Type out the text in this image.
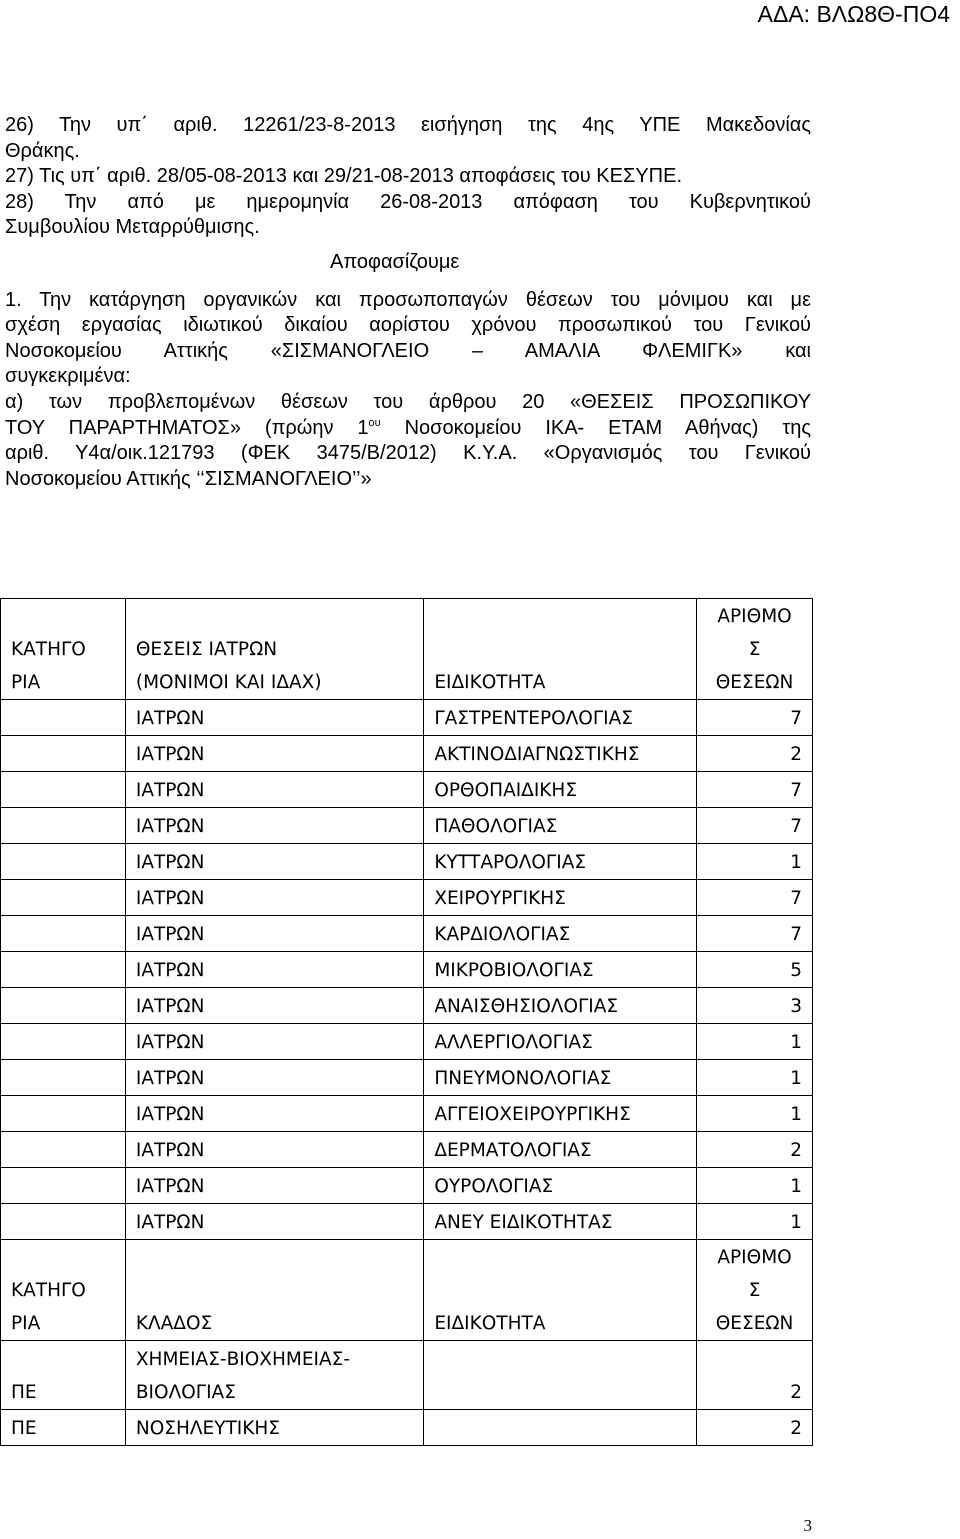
ΑΔΑ: ΒΛΩ8Θ-ΠΟ4

26) Την υπ΄ αριθ. 12261/23-8-2013 εισήγηση της 4ης ΥΠΕ Μακεδονίας

Θράκης.

27) Τις υπ΄ αριθ. 28/05-08-2013 και 29/21-08-2013 αποφάσεις του ΚΕΣΥΠΕ.

28) Την από με ημερομηνία 26-08-2013 απόφαση του Κυβερνητικού

Συμβουλίου Μεταρρύθμισης.

Αποφασίζουμε

1. Την κατάργηση οργανικών και προσωποπαγών θέσεων του μόνιμου και με

σχέση εργασίας ιδιωτικού δικαίου αορίστου χρόνου προσωπικού του Γενικού

Νοσοκομείου Αττικής «ΣΙΣΜΑΝΟΓΛΕΙΟ – ΑΜΑΛΙΑ ΦΛΕΜΙΓΚ» και

συγκεκριμένα:

α) των προβλεπομένων θέσεων του άρθρου 20 «ΘΕΣΕΙΣ ΠΡΟΣΩΠΙΚΟΥ

ΤΟΥ ΠΑΡΑΡΤΗΜΑΤΟΣ» (πρώην $1^{o\upsilon}$ Νοσοκομείου ΙΚΑ- ΕΤΑΜ Αθήνας) της

αριθ. Υ4α/οικ.121793 (ΦΕΚ 3475/Β/2012) Κ.Υ.Α. «Οργανισμός του Γενικού

Νοσοκομείου Αττικής ‘‘ΣΙΣΜΑΝΟΓΛΕΙΟ’’»

ΚΑΤΗΓΟ
ΡΙΑ	ΘΕΣΕΙΣ ΙΑΤΡΩΝ
(ΜΟΝΙΜΟΙ ΚΑΙ ΙΔΑΧ)	ΕΙΔΙΚΟΤΗΤΑ	ΑΡΙΘΜΟ
Σ
ΘΕΣΕΩΝ

	ΙΑΤΡΩΝ	ΓΑΣΤΡΕΝΤΕΡΟΛΟΓΙΑΣ	7
	ΙΑΤΡΩΝ	ΑΚΤΙΝΟΔΙΑΓΝΩΣΤΙΚΗΣ	2
	ΙΑΤΡΩΝ	ΟΡΘΟΠΑΙΔΙΚΗΣ	7
	ΙΑΤΡΩΝ	ΠΑΘΟΛΟΓΙΑΣ	7
	ΙΑΤΡΩΝ	ΚΥΤΤΑΡΟΛΟΓΙΑΣ	1
	ΙΑΤΡΩΝ	ΧΕΙΡΟΥΡΓΙΚΗΣ	7
	ΙΑΤΡΩΝ	ΚΑΡΔΙΟΛΟΓΙΑΣ	7
	ΙΑΤΡΩΝ	ΜΙΚΡΟΒΙΟΛΟΓΙΑΣ	5
	ΙΑΤΡΩΝ	ΑΝΑΙΣΘΗΣΙΟΛΟΓΙΑΣ	3
	ΙΑΤΡΩΝ	ΑΛΛΕΡΓΙΟΛΟΓΙΑΣ	1
	ΙΑΤΡΩΝ	ΠΝΕΥΜΟΝΟΛΟΓΙΑΣ	1
	ΙΑΤΡΩΝ	ΑΓΓΕΙΟΧΕΙΡΟΥΡΓΙΚΗΣ	1
	ΙΑΤΡΩΝ	ΔΕΡΜΑΤΟΛΟΓΙΑΣ	2
	ΙΑΤΡΩΝ	ΟΥΡΟΛΟΓΙΑΣ	1
	ΙΑΤΡΩΝ	ΑΝΕΥ ΕΙΔΙΚΟΤΗΤΑΣ	1

ΚΑΤΗΓΟ
ΡΙΑ	ΚΛΑΔΟΣ	ΕΙΔΙΚΟΤΗΤΑ	ΑΡΙΘΜΟ
Σ
ΘΕΣΕΩΝ

ΠΕ	ΧΗΜΕΙΑΣ-ΒΙΟΧΗΜΕΙΑΣ-
ΒΙΟΛΟΓΙΑΣ		2
ΠΕ	ΝΟΣΗΛΕΥΤΙΚΗΣ		2
3
